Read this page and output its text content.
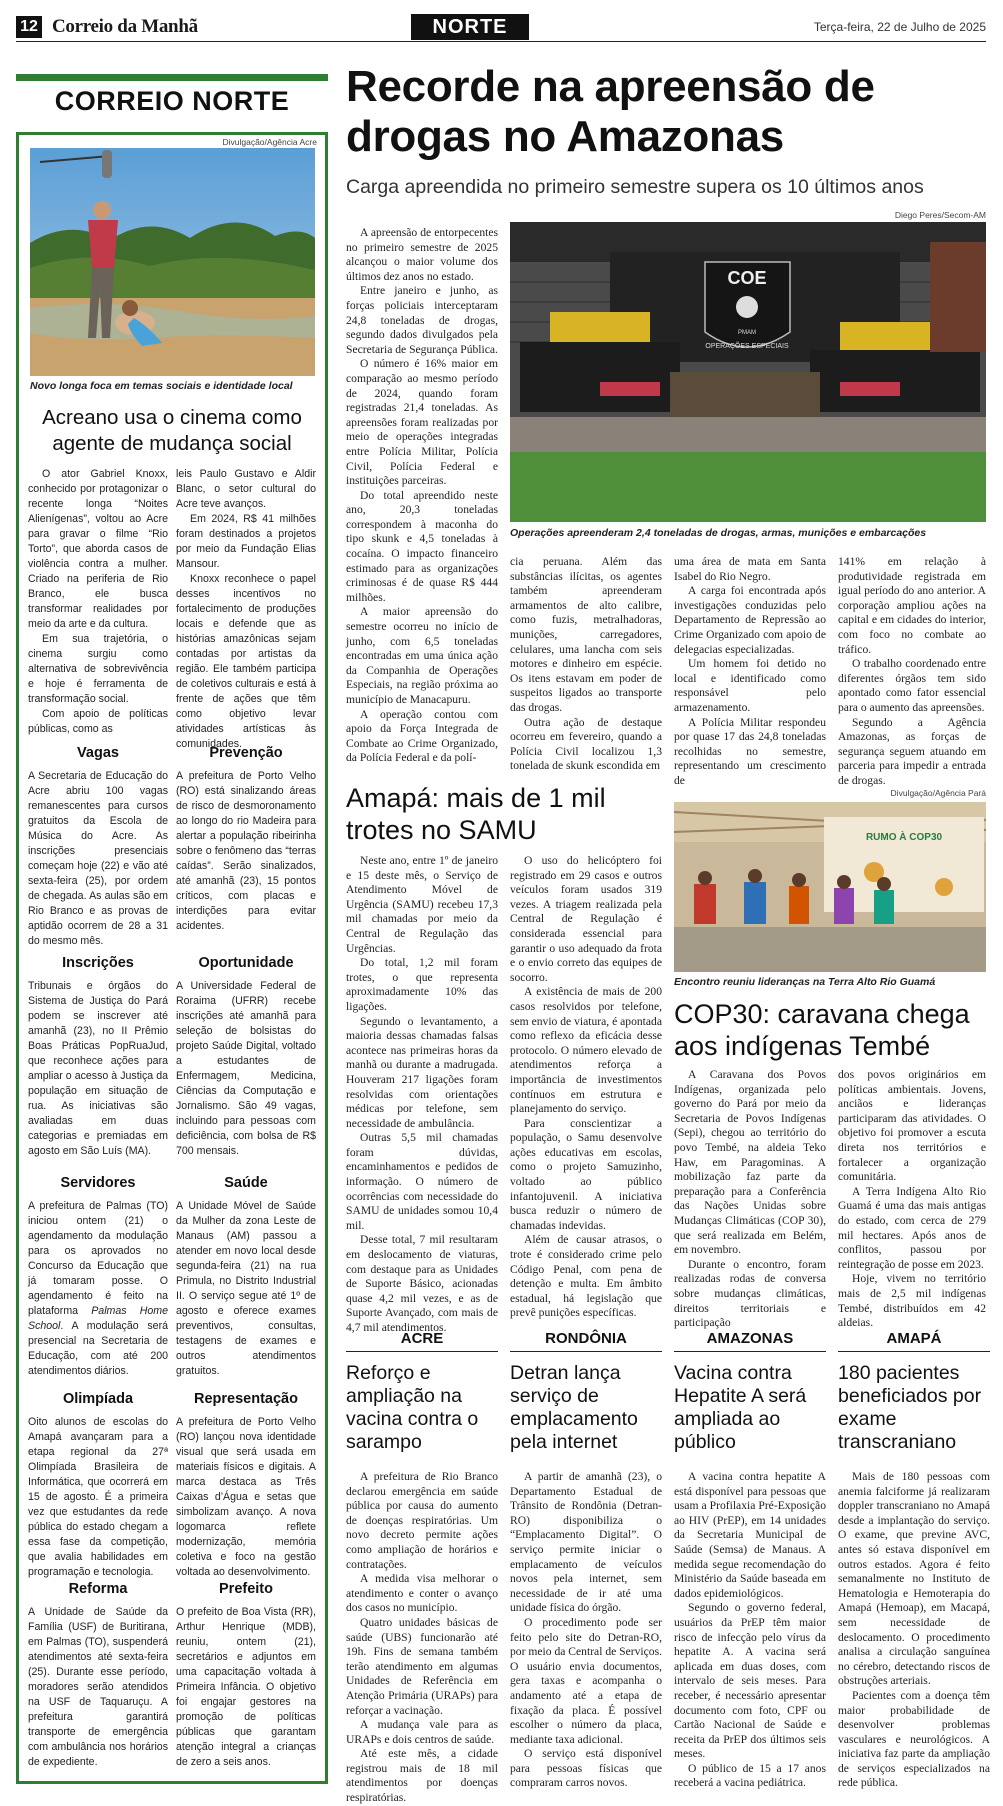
12 Correio da Manhã	NORTE	Terça-feira, 22 de Julho de 2025
CORREIO NORTE
Divulgação/Agência Acre
Novo longa foca em temas sociais e identidade local
Acreano usa o cinema como agente de mudança social

O ator Gabriel Knoxx, conhecido por protagonizar o recente longa “Noites Alienígenas”, voltou ao Acre para gravar o filme “Rio Torto”, que aborda casos de violência contra a mulher. Criado na periferia de Rio Branco, ele busca transformar realidades por meio da arte e da cultura.

Em sua trajetória, o cinema surgiu como alternativa de sobrevivência e hoje é ferramenta de transformação social.

Com apoio de políticas públicas, como as

leis Paulo Gustavo e Aldir Blanc, o setor cultural do Acre teve avanços.

Em 2024, R$ 41 milhões foram destinados a projetos por meio da Fundação Elias Mansour.

Knoxx reconhece o papel desses incentivos no fortalecimento de produções locais e defende que as histórias amazônicas sejam contadas por artistas da região. Ele também participa de coletivos culturais e está à frente de ações que têm como objetivo levar atividades artísticas às comunidades.

Vagas
A Secretaria de Educação do Acre abriu 100 vagas remanescentes para cursos gratuitos da Escola de Música do Acre. As inscrições presenciais começam hoje (22) e vão até sexta-feira (25), por ordem de chegada. As aulas são em Rio Branco e as provas de aptidão ocorrem de 28 a 31 do mesmo mês.
Prevenção
A prefeitura de Porto Velho (RO) está sinalizando áreas de risco de desmoronamento ao longo do rio Madeira para alertar a população ribeirinha sobre o fenômeno das “terras caídas”. Serão sinalizados, até amanhã (23), 15 pontos críticos, com placas e interdições para evitar acidentes.
Inscrições
Tribunais e órgãos do Sistema de Justiça do Pará podem se inscrever até amanhã (23), no II Prêmio Boas Práticas PopRuaJud, que reconhece ações para ampliar o acesso à Justiça da população em situação de rua. As iniciativas são avaliadas em duas categorias e premiadas em agosto em São Luís (MA).
Oportunidade
A Universidade Federal de Roraima (UFRR) recebe inscrições até amanhã para seleção de bolsistas do projeto Saúde Digital, voltado a estudantes de Enfermagem, Medicina, Ciências da Computação e Jornalismo. São 49 vagas, incluindo para pessoas com deficiência, com bolsa de R$ 700 mensais.
Servidores
A prefeitura de Palmas (TO) iniciou ontem (21) o agendamento da modulação para os aprovados no Concurso da Educação que já tomaram posse. O agendamento é feito na plataforma Palmas Home School. A modulação será presencial na Secretaria de Educação, com até 200 atendimentos diários.
Saúde
A Unidade Móvel de Saúde da Mulher da zona Leste de Manaus (AM) passou a atender em novo local desde segunda-feira (21) na rua Primula, no Distrito Industrial II. O serviço segue até 1º de agosto e oferece exames preventivos, consultas, testagens de exames e outros atendimentos gratuitos.
Olimpíada
Oito alunos de escolas do Amapá avançaram para a etapa regional da 27ª Olimpíada Brasileira de Informática, que ocorrerá em 15 de agosto. É a primeira vez que estudantes da rede pública do estado chegam a essa fase da competição, que avalia habilidades em programação e tecnologia.
Representação
A prefeitura de Porto Velho (RO) lançou nova identidade visual que será usada em materiais físicos e digitais. A marca destaca as Três Caixas d’Água e setas que simbolizam avanço. A nova logomarca reflete modernização, memória coletiva e foco na gestão voltada ao desenvolvimento.
Reforma
A Unidade de Saúde da Família (USF) de Buritirana, em Palmas (TO), suspenderá atendimentos até sexta-feira (25). Durante esse período, moradores serão atendidos na USF de Taquaruçu. A prefeitura garantirá transporte de emergência com ambulância nos horários de expediente.
Prefeito
O prefeito de Boa Vista (RR), Arthur Henrique (MDB), reuniu, ontem (21), secretários e adjuntos em uma capacitação voltada à Primeira Infância. O objetivo foi engajar gestores na promoção de políticas públicas que garantam atenção integral a crianças de zero a seis anos.
Recorde na apreensão de drogas no Amazonas
Carga apreendida no primeiro semestre supera os 10 últimos anos

A apreensão de entorpecentes no primeiro semestre de 2025 alcançou o maior volume dos últimos dez anos no estado.

Entre janeiro e junho, as forças policiais interceptaram 24,8 toneladas de drogas, segundo dados divulgados pela Secretaria de Segurança Pública.

O número é 16% maior em comparação ao mesmo período de 2024, quando foram registradas 21,4 toneladas. As apreensões foram realizadas por meio de operações integradas entre Polícia Militar, Polícia Civil, Polícia Federal e instituições parceiras.

Do total apreendido neste ano, 20,3 toneladas correspondem à maconha do tipo skunk e 4,5 toneladas à cocaína. O impacto financeiro estimado para as organizações criminosas é de quase R$ 444 milhões.

A maior apreensão do semestre ocorreu no início de junho, com 6,5 toneladas encontradas em uma única ação da Companhia de Operações Especiais, na região próxima ao município de Manacapuru.

A operação contou com apoio da Força Integrada de Combate ao Crime Organizado, da Polícia Federal e da polí-

Diego Peres/Secom-AM
COE
OPERAÇÕES ESPECIAIS
PMAM
Operações apreenderam 2,4 toneladas de drogas, armas, munições e embarcações

cia peruana. Além das substâncias ilícitas, os agentes também apreenderam armamentos de alto calibre, como fuzis, metralhadoras, munições, carregadores, celulares, uma lancha com seis motores e dinheiro em espécie. Os itens estavam em poder de suspeitos ligados ao transporte das drogas.

Outra ação de destaque ocorreu em fevereiro, quando a Polícia Civil localizou 1,3 tonelada de skunk escondida em

uma área de mata em Santa Isabel do Rio Negro.

A carga foi encontrada após investigações conduzidas pelo Departamento de Repressão ao Crime Organizado com apoio de delegacias especializadas.

Um homem foi detido no local e identificado como responsável pelo armazenamento.

A Polícia Militar respondeu por quase 17 das 24,8 toneladas recolhidas no semestre, representando um crescimento de

141% em relação à produtividade registrada em igual período do ano anterior. A corporação ampliou ações na capital e em cidades do interior, com foco no combate ao tráfico.

O trabalho coordenado entre diferentes órgãos tem sido apontado como fator essencial para o aumento das apreensões.

Segundo a Agência Amazonas, as forças de segurança seguem atuando em parceria para impedir a entrada de drogas.

Amapá: mais de 1 mil trotes no SAMU

Neste ano, entre 1º de janeiro e 15 deste mês, o Serviço de Atendimento Móvel de Urgência (SAMU) recebeu 17,3 mil chamadas por meio da Central de Regulação das Urgências.

Do total, 1,2 mil foram trotes, o que representa aproximadamente 10% das ligações.

Segundo o levantamento, a maioria dessas chamadas falsas acontece nas primeiras horas da manhã ou durante a madrugada. Houveram 217 ligações foram resolvidas com orientações médicas por telefone, sem necessidade de ambulância.

Outras 5,5 mil chamadas foram dúvidas, encaminhamentos e pedidos de informação. O número de ocorrências com necessidade do SAMU de unidades somou 10,4 mil.

Desse total, 7 mil resultaram em deslocamento de viaturas, com destaque para as Unidades de Suporte Básico, acionadas quase 4,2 mil vezes, e as de Suporte Avançado, com mais de 4,7 mil atendimentos.

O uso do helicóptero foi registrado em 29 casos e outros veículos foram usados 319 vezes. A triagem realizada pela Central de Regulação é considerada essencial para garantir o uso adequado da frota e o envio correto das equipes de socorro.

A existência de mais de 200 casos resolvidos por telefone, sem envio de viatura, é apontada como reflexo da eficácia desse protocolo. O número elevado de atendimentos reforça a importância de investimentos contínuos em estrutura e planejamento do serviço.

Para conscientizar a população, o Samu desenvolve ações educativas em escolas, como o projeto Samuzinho, voltado ao público infantojuvenil. A iniciativa busca reduzir o número de chamadas indevidas.

Além de causar atrasos, o trote é considerado crime pelo Código Penal, com pena de detenção e multa. Em âmbito estadual, há legislação que prevê punições específicas.

Divulgação/Agência Pará
RUMO À COP30
Encontro reuniu lideranças na Terra Alto Rio Guamá
COP30: caravana chega aos indígenas Tembé

A Caravana dos Povos Indígenas, organizada pelo governo do Pará por meio da Secretaria de Povos Indígenas (Sepi), chegou ao território do povo Tembé, na aldeia Teko Haw, em Paragominas. A mobilização faz parte da preparação para a Conferência das Nações Unidas sobre Mudanças Climáticas (COP 30), que será realizada em Belém, em novembro.

Durante o encontro, foram realizadas rodas de conversa sobre mudanças climáticas, direitos territoriais e participação

dos povos originários em políticas ambientais. Jovens, anciãos e lideranças participaram das atividades. O objetivo foi promover a escuta direta nos territórios e fortalecer a organização comunitária.

A Terra Indígena Alto Rio Guamá é uma das mais antigas do estado, com cerca de 279 mil hectares. Após anos de conflitos, passou por reintegração de posse em 2023.

Hoje, vivem no território mais de 2,5 mil indígenas Tembé, distribuídos em 42 aldeias.

ACRE
Reforço e ampliação na vacina contra o sarampo

A prefeitura de Rio Branco declarou emergência em saúde pública por causa do aumento de doenças respiratórias. Um novo decreto permite ações como ampliação de horários e contratações.

A medida visa melhorar o atendimento e conter o avanço dos casos no município.

Quatro unidades básicas de saúde (UBS) funcionarão até 19h. Fins de semana também terão atendimento em algumas Unidades de Referência em Atenção Primária (URAPs) para reforçar a vacinação.

A mudança vale para as URAPs e dois centros de saúde.

Até este mês, a cidade registrou mais de 18 mil atendimentos por doenças respiratórias.

RONDÔNIA
Detran lança serviço de emplacamento pela internet

A partir de amanhã (23), o Departamento Estadual de Trânsito de Rondônia (Detran-RO) disponibiliza o “Emplacamento Digital”. O serviço permite iniciar o emplacamento de veículos novos pela internet, sem necessidade de ir até uma unidade física do órgão.

O procedimento pode ser feito pelo site do Detran-RO, por meio da Central de Serviços. O usuário envia documentos, gera taxas e acompanha o andamento até a etapa de fixação da placa. É possível escolher o número da placa, mediante taxa adicional.

O serviço está disponível para pessoas físicas que compraram carros novos.

AMAZONAS
Vacina contra Hepatite A será ampliada ao público

A vacina contra hepatite A está disponível para pessoas que usam a Profilaxia Pré-Exposição ao HIV (PrEP), em 14 unidades da Secretaria Municipal de Saúde (Semsa) de Manaus. A medida segue recomendação do Ministério da Saúde baseada em dados epidemiológicos.

Segundo o governo federal, usuários da PrEP têm maior risco de infecção pelo vírus da hepatite A. A vacina será aplicada em duas doses, com intervalo de seis meses. Para receber, é necessário apresentar documento com foto, CPF ou Cartão Nacional de Saúde e receita da PrEP dos últimos seis meses.

O público de 15 a 17 anos receberá a vacina pediátrica.

AMAPÁ
180 pacientes beneficiados por exame transcraniano

Mais de 180 pessoas com anemia falciforme já realizaram doppler transcraniano no Amapá desde a implantação do serviço. O exame, que previne AVC, antes só estava disponível em outros estados. Agora é feito semanalmente no Instituto de Hematologia e Hemoterapia do Amapá (Hemoap), em Macapá, sem necessidade de deslocamento. O procedimento analisa a circulação sanguínea no cérebro, detectando riscos de obstruções arteriais.

Pacientes com a doença têm maior probabilidade de desenvolver problemas vasculares e neurológicos. A iniciativa faz parte da ampliação de serviços especializados na rede pública.
